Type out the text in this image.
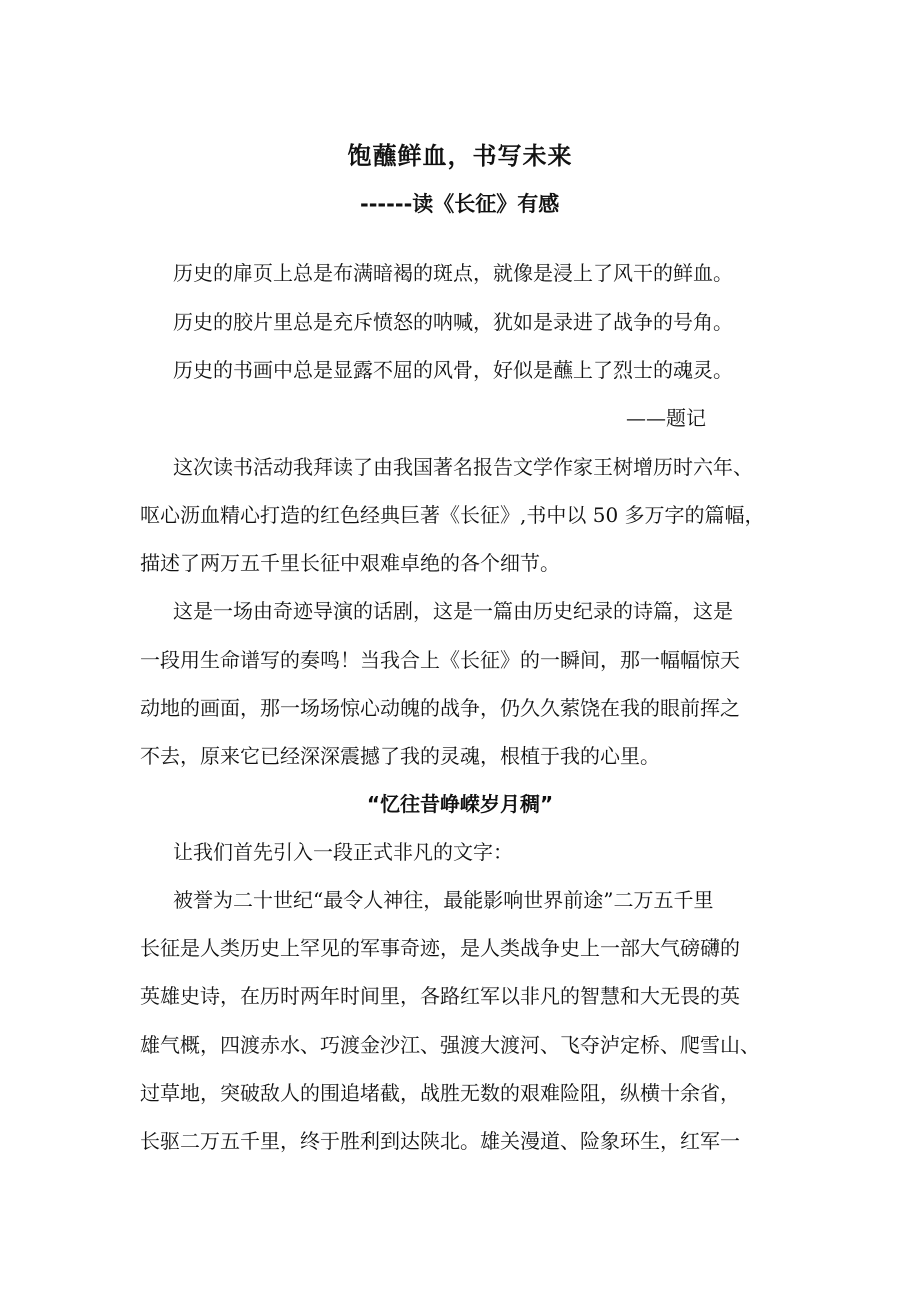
饱蘸鲜血，书写未来
------读《长征》有感

历史的扉页上总是布满暗褐的斑点，就像是浸上了风干的鲜血。

历史的胶片里总是充斥愤怒的呐喊，犹如是录进了战争的号角。

历史的书画中总是显露不屈的风骨，好似是蘸上了烈士的魂灵。

——题记

这次读书活动我拜读了由我国著名报告文学作家王树增历时六年、

呕心沥血精心打造的红色经典巨著《长征》,书中以 50 多万字的篇幅，

描述了两万五千里长征中艰难卓绝的各个细节。

这是一场由奇迹导演的话剧，这是一篇由历史纪录的诗篇，这是

一段用生命谱写的奏鸣！当我合上《长征》的一瞬间，那一幅幅惊天

动地的画面，那一场场惊心动魄的战争，仍久久萦饶在我的眼前挥之

不去，原来它已经深深震撼了我的灵魂，根植于我的心里。

“忆往昔峥嵘岁月稠”

让我们首先引入一段正式非凡的文字：

被誉为二十世纪“最令人神往，最能影响世界前途”二万五千里

长征是人类历史上罕见的军事奇迹，是人类战争史上一部大气磅礴的

英雄史诗，在历时两年时间里，各路红军以非凡的智慧和大无畏的英

雄气概，四渡赤水、巧渡金沙江、强渡大渡河、飞夺泸定桥、爬雪山、

过草地，突破敌人的围追堵截，战胜无数的艰难险阻，纵横十余省，

长驱二万五千里，终于胜利到达陕北。雄关漫道、险象环生，红军一
